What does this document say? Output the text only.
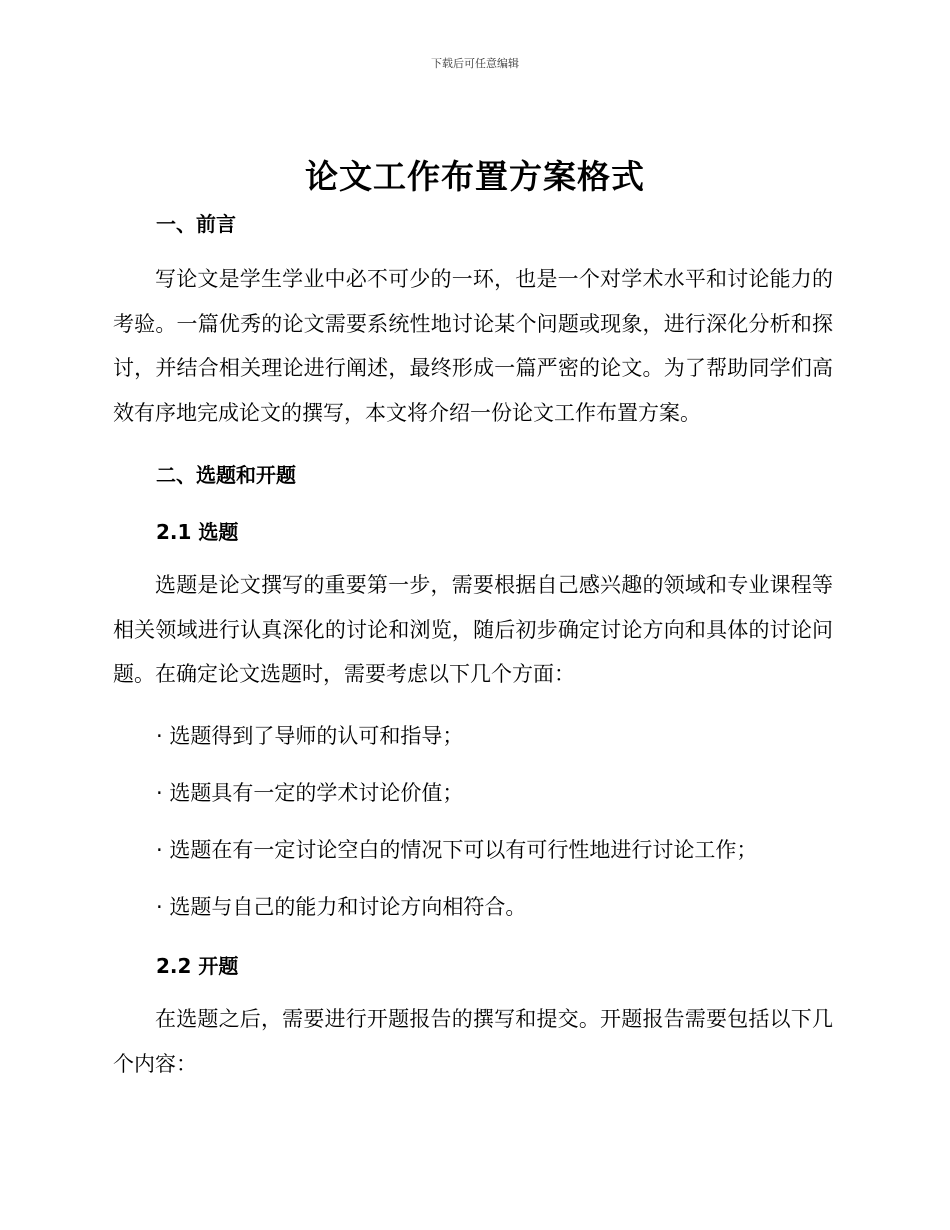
下载后可任意编辑
论文工作布置方案格式
一、前言
写论文是学生学业中必不可少的一环，也是一个对学术水平和讨论能力的考验。一篇优秀的论文需要系统性地讨论某个问题或现象，进行深化分析和探讨，并结合相关理论进行阐述，最终形成一篇严密的论文。为了帮助同学们高效有序地完成论文的撰写，本文将介绍一份论文工作布置方案。
二、选题和开题
2.1 选题
选题是论文撰写的重要第一步，需要根据自己感兴趣的领域和专业课程等相关领域进行认真深化的讨论和浏览，随后初步确定讨论方向和具体的讨论问题。在确定论文选题时，需要考虑以下几个方面：
· 选题得到了导师的认可和指导；
· 选题具有一定的学术讨论价值；
· 选题在有一定讨论空白的情况下可以有可行性地进行讨论工作；
· 选题与自己的能力和讨论方向相符合。
2.2 开题
在选题之后，需要进行开题报告的撰写和提交。开题报告需要包括以下几个内容：
